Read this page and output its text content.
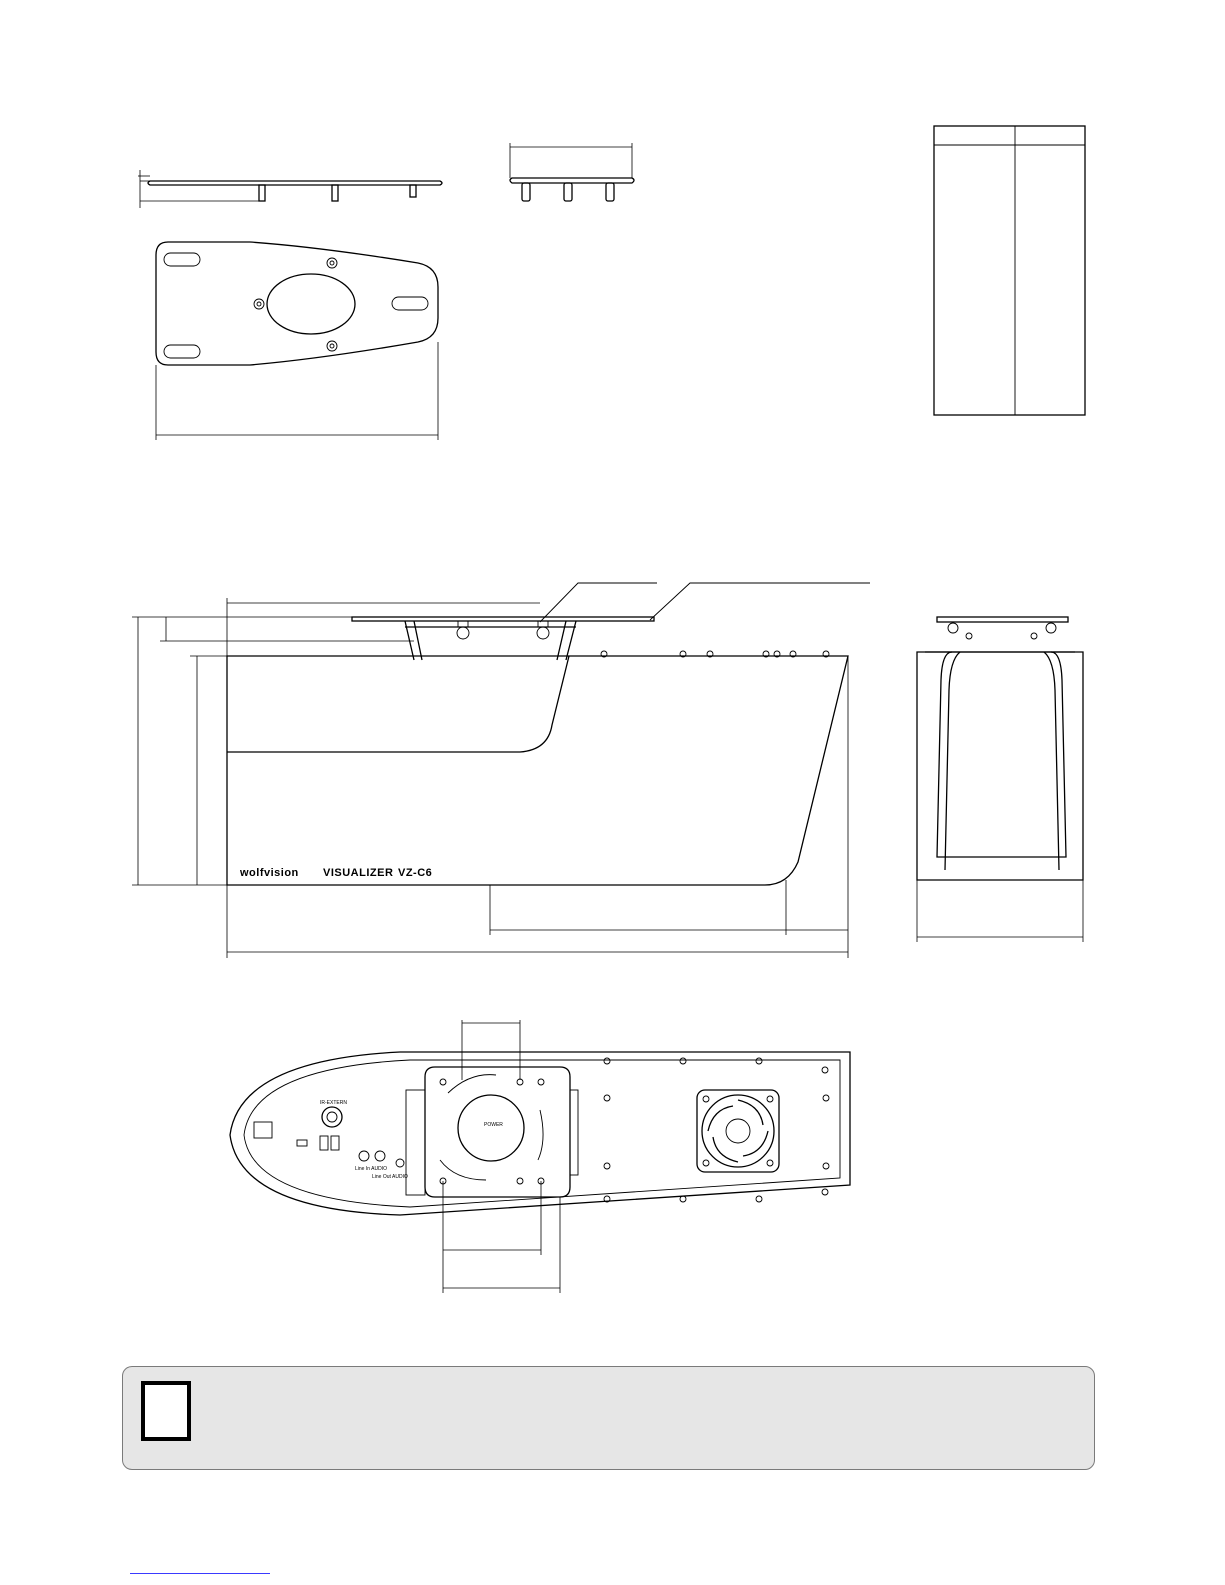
wolfvision VISUALIZER VZ-C6
IR-EXTERN
POWER
Line In AUDIO
Line Out AUDIO
